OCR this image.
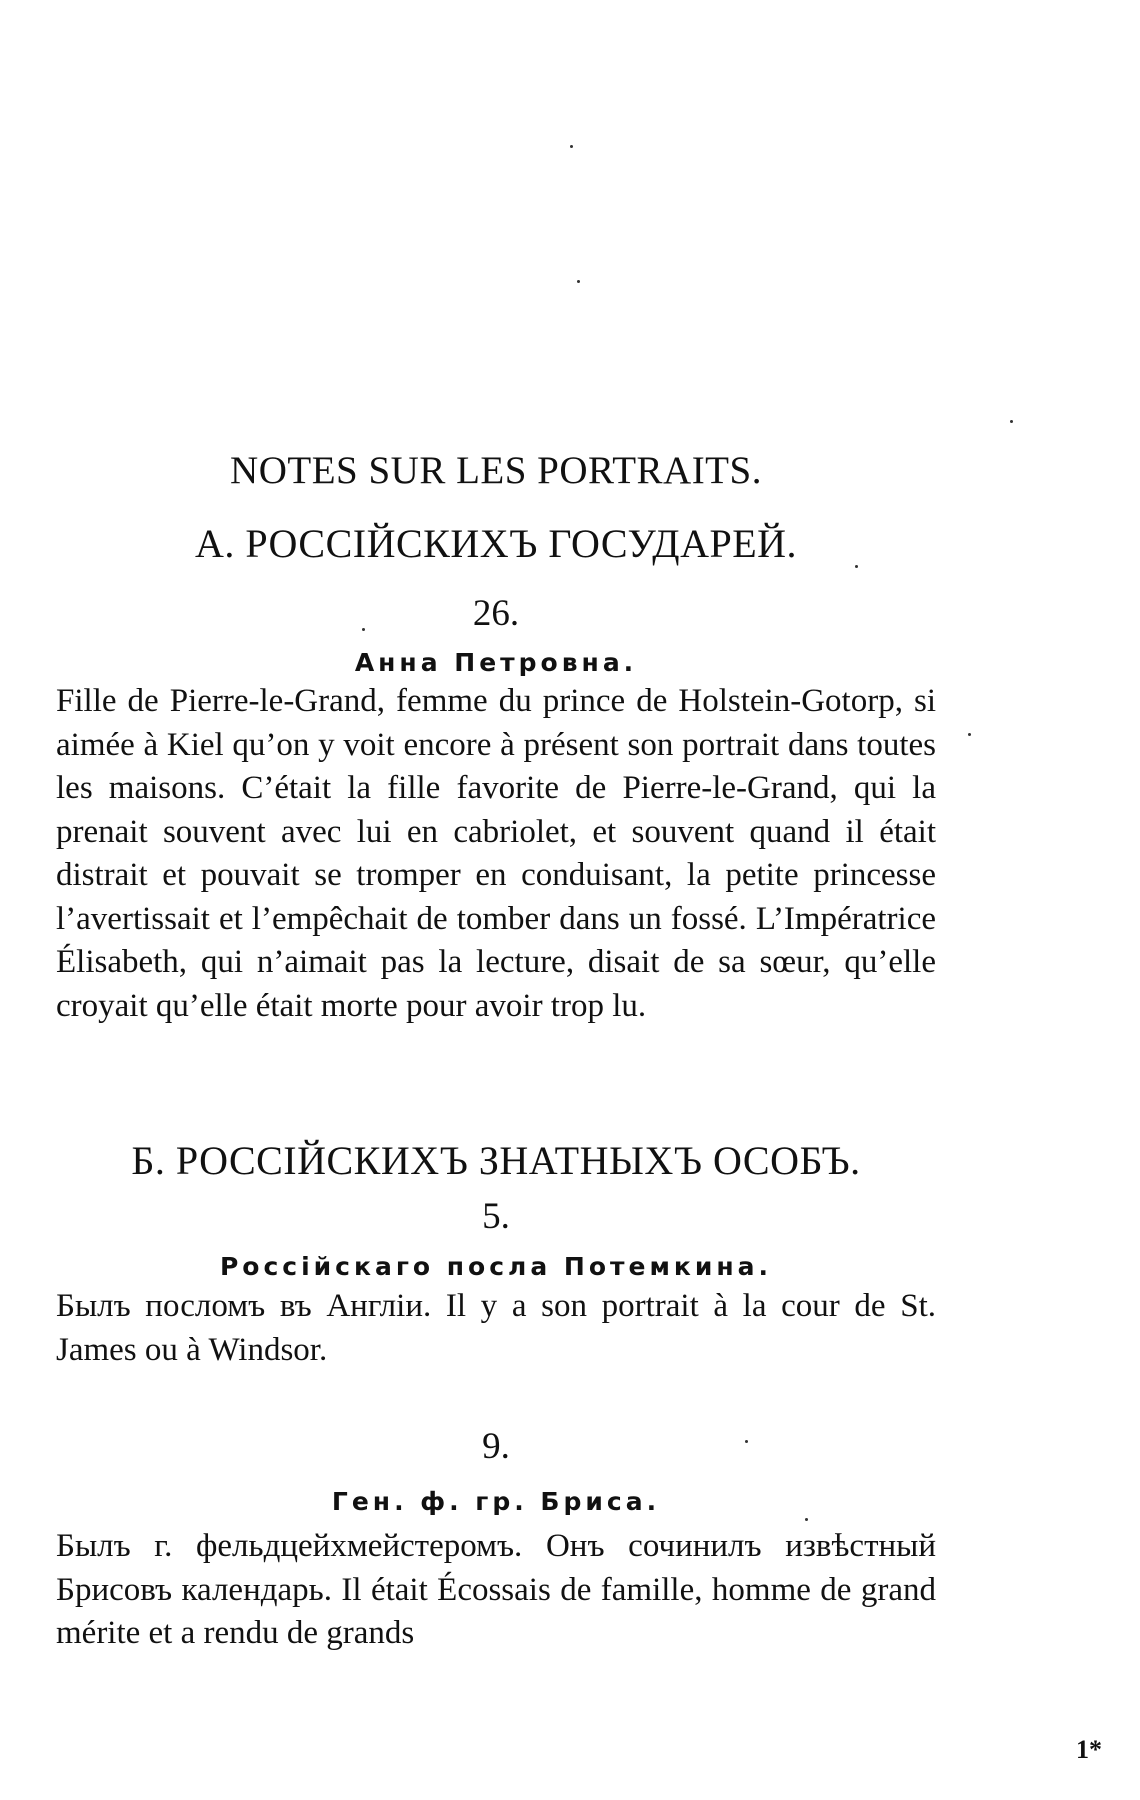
NOTES SUR LES PORTRAITS.
А. РОССІЙСКИХЪ ГОСУДАРЕЙ.
26.
Анна Петровна.

Fille de Pierre-le-Grand, femme du prince de Holstein-Gotorp, si aimée à Kiel qu’on y voit encore à présent son portrait dans toutes les maisons. C’était la fille favorite de Pierre-le-Grand, qui la prenait souvent avec lui en cabriolet, et souvent quand il était distrait et pouvait se tromper en conduisant, la petite princesse l’avertissait et l’empêchait de tomber dans un fossé. L’Impératrice Élisabeth, qui n’aimait pas la lecture, disait de sa sœur, qu’elle croyait qu’elle était morte pour avoir trop lu.

Б. РОССІЙСКИХЪ ЗНАТНЫХЪ ОСОБЪ.
5.
Россійскаго посла Потемкина.

Былъ посломъ въ Англіи. Il y a son portrait à la cour de St. James ou à Windsor.

9.
Ген. ф. гр. Бриса.

Былъ г. фельдцейхмейстеромъ. Онъ сочинилъ извѣстный Брисовъ календарь. Il était Écossais de famille, homme de grand mérite et a rendu de grands

1*
